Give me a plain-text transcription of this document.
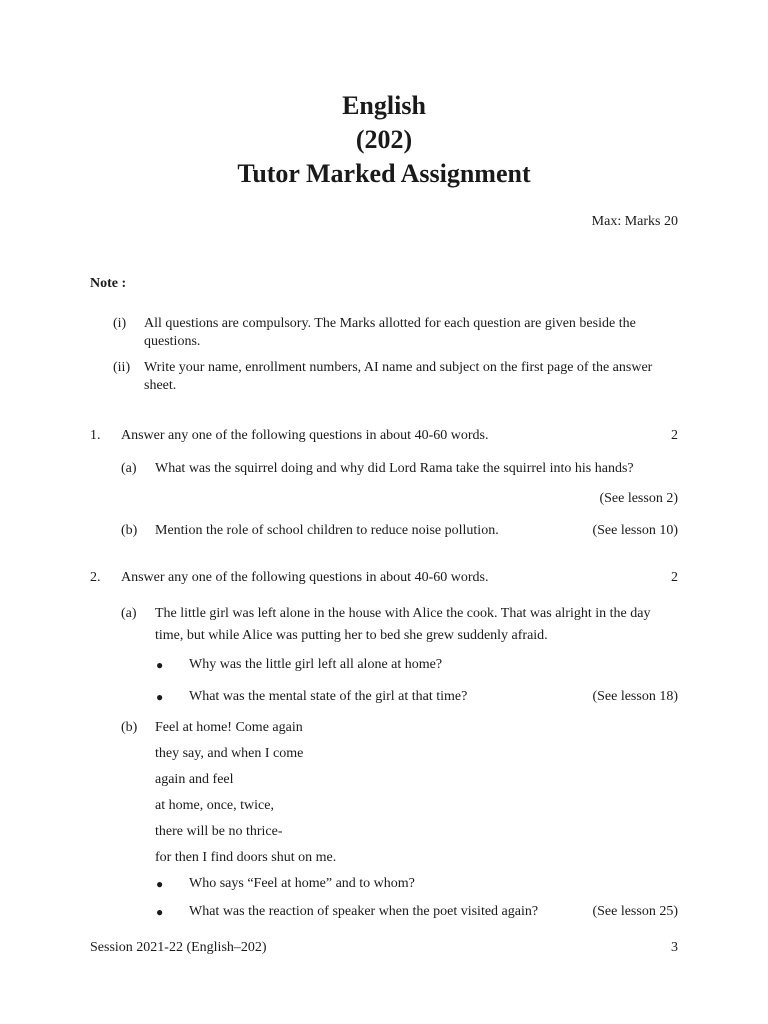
English
(202)
Tutor Marked Assignment
Max: Marks 20
Note :
(i) All questions are compulsory. The Marks allotted for each question are given beside the
questions.
(ii) Write your name, enrollment numbers, AI name and subject on the first page of the answer
sheet.
1. Answer any one of the following questions in about 40-60 words.	2
(a) What was the squirrel doing and why did Lord Rama take the squirrel into his hands?
(See lesson 2)
(b) Mention the role of school children to reduce noise pollution.	(See lesson 10)
2. Answer any one of the following questions in about 40-60 words.	2
(a) The little girl was left alone in the house with Alice the cook. That was alright in the day
time, but while Alice was putting her to bed she grew suddenly afraid.
● Why was the little girl left all alone at home?
● What was the mental state of the girl at that time?	(See lesson 18)
(b) Feel at home! Come again
they say, and when I come
again and feel
at home, once, twice,
there will be no thrice-
for then I find doors shut on me.
● Who says “Feel at home” and to whom?
● What was the reaction of speaker when the poet visited again?	(See lesson 25)
Session 2021-22 (English–202)	3
